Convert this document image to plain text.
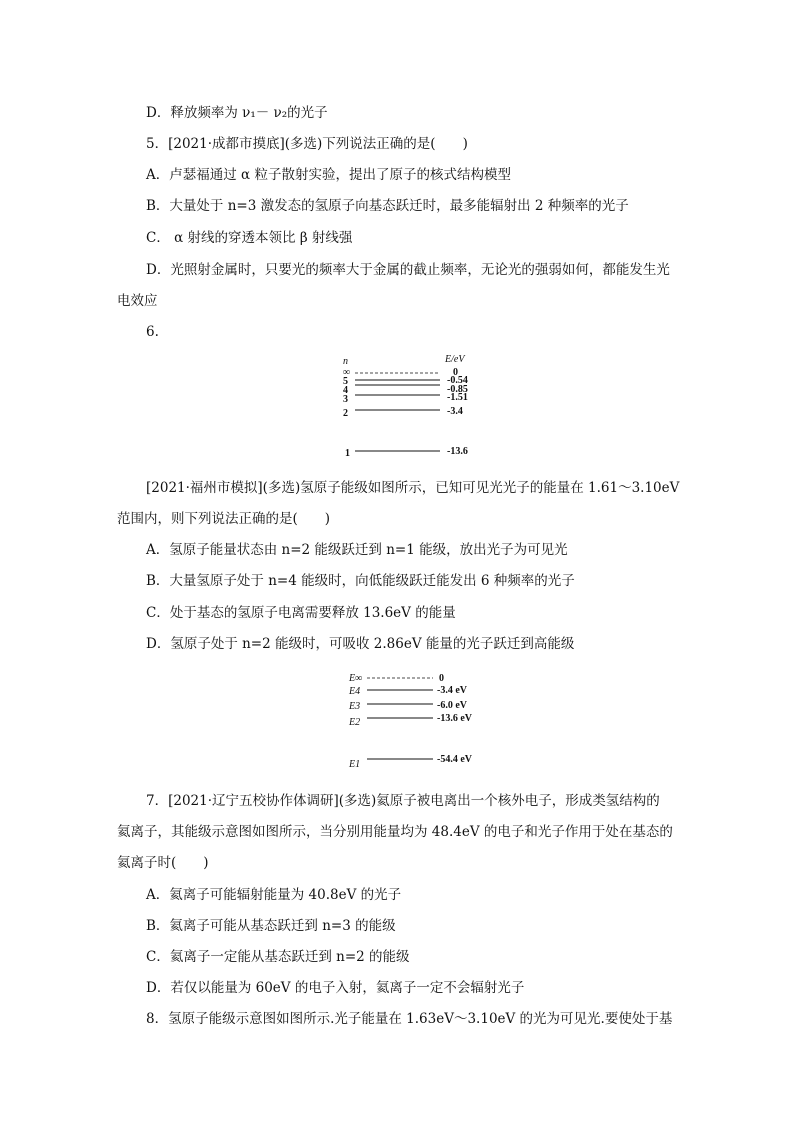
D．释放频率为 ν₁－ ν₂的光子
5．[2021·成都市摸底](多选)下列说法正确的是(　　)
A．卢瑟福通过 α 粒子散射实验，提出了原子的核式结构模型
B．大量处于 n=3 激发态的氢原子向基态跃迁时，最多能辐射出 2 种频率的光子
C． α 射线的穿透本领比 β 射线强
D．光照射金属时，只要光的频率大于金属的截止频率，无论光的强弱如何，都能发生光
电效应
6.
n	E/eV
∞	0
5	-0.54
4	-0.85
3	-1.51
2	-3.4
1	-13.6
[2021·福州市模拟](多选)氢原子能级如图所示，已知可见光光子的能量在 1.61～3.10eV
范围内，则下列说法正确的是(　　)
A．氢原子能量状态由 n=2 能级跃迁到 n=1 能级，放出光子为可见光
B．大量氢原子处于 n=4 能级时，向低能级跃迁能发出 6 种频率的光子
C．处于基态的氢原子电离需要释放 13.6eV 的能量
D．氢原子处于 n=2 能级时，可吸收 2.86eV 能量的光子跃迁到高能级
E∞	0
E4	-3.4 eV
E3	-6.0 eV
E2	-13.6 eV
E1	-54.4 eV
7．[2021·辽宁五校协作体调研](多选)氦原子被电离出一个核外电子，形成类氢结构的
氦离子，其能级示意图如图所示，当分别用能量均为 48.4eV 的电子和光子作用于处在基态的
氦离子时(　　)
A．氦离子可能辐射能量为 40.8eV 的光子
B．氦离子可能从基态跃迁到 n=3 的能级
C．氦离子一定能从基态跃迁到 n=2 的能级
D．若仅以能量为 60eV 的电子入射，氦离子一定不会辐射光子
8．氢原子能级示意图如图所示.光子能量在 1.63eV～3.10eV 的光为可见光.要使处于基
